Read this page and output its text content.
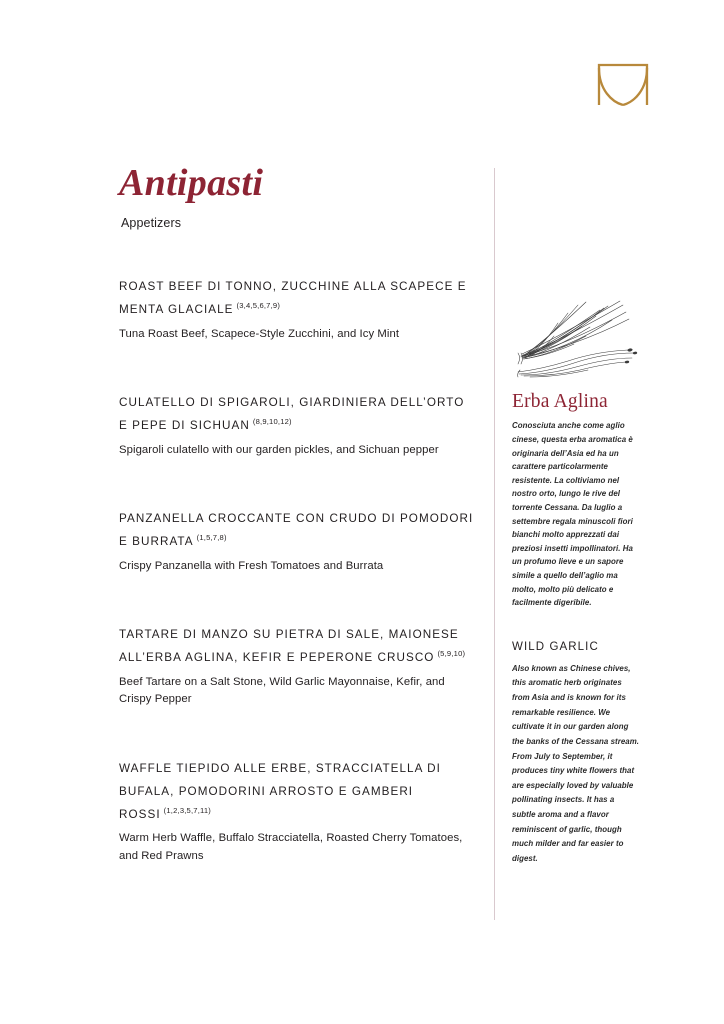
Antipasti
Appetizers
ROAST BEEF DI TONNO, ZUCCHINE ALLA SCAPECE E MENTA GLACIALE $^{(3,4,5,6,7,9)}$
Tuna Roast Beef, Scapece-Style Zucchini, and Icy Mint
CULATELLO DI SPIGAROLI, GIARDINIERA DELL’ORTO E PEPE DI SICHUAN $^{(8,9,10,12)}$
Spigaroli culatello with our garden pickles, and Sichuan pepper
PANZANELLA CROCCANTE CON CRUDO DI POMODORI E BURRATA $^{(1,5,7,8)}$
Crispy Panzanella with Fresh Tomatoes and Burrata
TARTARE DI MANZO SU PIETRA DI SALE, MAIONESE ALL’ERBA AGLINA, KEFIR E PEPERONE CRUSCO $^{(5,9,10)}$
Beef Tartare on a Salt Stone, Wild Garlic Mayonnaise, Kefir, and Crispy Pepper
WAFFLE TIEPIDO ALLE ERBE, STRACCIATELLA DI BUFALA, POMODORINI ARROSTO E GAMBERI ROSSI $^{(1,2,3,5,7,11)}$
Warm Herb Waffle, Buffalo Stracciatella, Roasted Cherry Tomatoes, and Red Prawns
Erba Aglina
Conosciuta anche come aglio cinese, questa erba aromatica è originaria dell’Asia ed ha un carattere particolarmente resistente. La coltiviamo nel nostro orto, lungo le rive del torrente Cessana. Da luglio a settembre regala minuscoli fiori bianchi molto apprezzati dai preziosi insetti impollinatori. Ha un profumo lieve e un sapore simile a quello dell’aglio ma molto, molto più delicato e facilmente digeribile.
WILD GARLIC
Also known as Chinese chives, this aromatic herb originates from Asia and is known for its remarkable resilience. We cultivate it in our garden along the banks of the Cessana stream. From July to September, it produces tiny white flowers that are especially loved by valuable pollinating insects. It has a subtle aroma and a flavor reminiscent of garlic, though much milder and far easier to digest.
